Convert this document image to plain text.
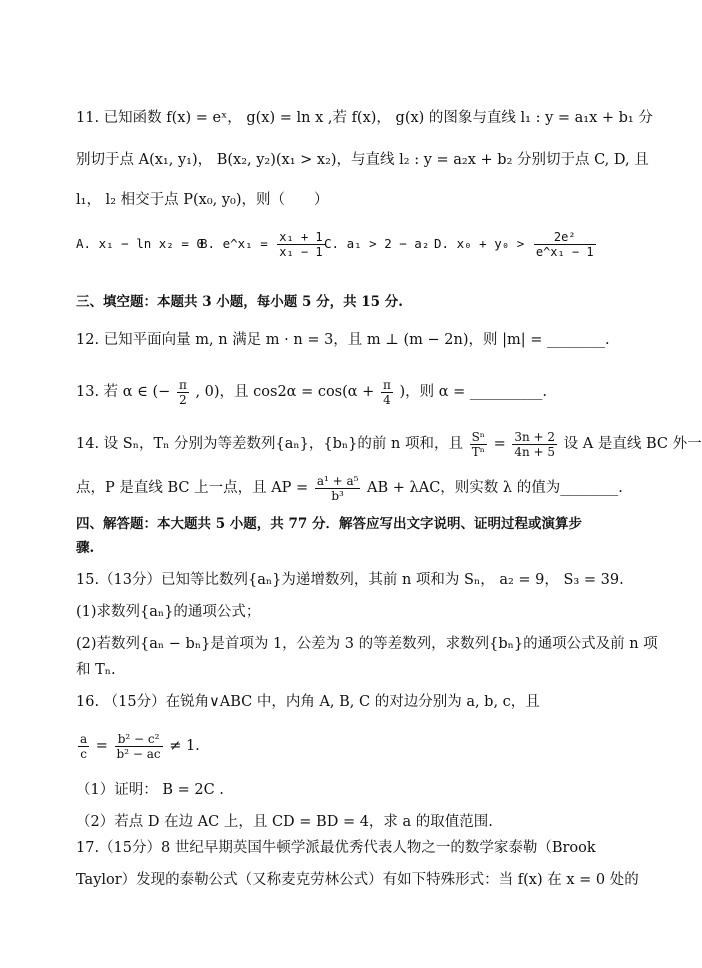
11. 已知函数 f(x) = eˣ， g(x) = ln x ,若 f(x)， g(x) 的图象与直线 l₁ : y = a₁x + b₁ 分
别切于点 A(x₁, y₁)， B(x₂, y₂)(x₁ > x₂)，与直线 l₂ : y = a₂x + b₂ 分别切于点 C, D, 且
l₁， l₂ 相交于点 P(x₀, y₀)，则（　　）
A. x₁ − ln x₂ = 0
B. e^x₁ = $\frac{\text{x₁ + 1}}{\text{x₁ − 1}} C$. a₁ > 2 − a₂ D. $x_0 + y_0 > \frac{\text{2e²}}{\text{e\textasciicircum{}x₁ − 1}}$
三、填空题：本题共 3 小题，每小题 5 分，共 15 分.
12. 已知平面向量 m, n 满足 m · n = 3，且 m ⊥ (m − 2n)，则 |m| = ________.
13. 若 α ∈ (− $\frac{\pi}{2}$ , 0)，且 $\cos 2\alpha = \cos(\alpha + \frac{\pi}{4}$ )，则 α = __________.
14. 设 Sₙ，Tₙ 分别为等差数列{aₙ}，{bₙ}的前 n 项和，且 $\frac{\text{Sⁿ}}{\text{Tⁿ}} = \frac{3n + 2}{4n + 5}$ 设 A 是直线 BC 外一
点，P 是直线 BC 上一点，且 AP = $\frac{\text{a¹ + a⁵}}{\text{b³}}$ AB + λAC，则实数 λ 的值为________.
四、解答题：本大题共 5 小题，共 77 分．解答应写出文字说明、证明过程或演算步
骤.
15.（13分）已知等比数列{aₙ}为递增数列，其前 n 项和为 Sₙ， a₂ = 9， S₃ = 39.
(1)求数列{aₙ}的通项公式；
(2)若数列{aₙ − bₙ}是首项为 1，公差为 3 的等差数列，求数列{bₙ}的通项公式及前 n 项
和 Tₙ.
16. （15分）在锐角∨ABC 中，内角 A, B, C 的对边分别为 a, b, c，且
$\frac{a}{c} = \frac{\text{b² − c²}}{\text{b² − ac}} \ne 1$.
（1）证明： B = 2C .
（2）若点 D 在边 AC 上，且 CD = BD = 4，求 a 的取值范围.
17.（15分）8 世纪早期英国牛顿学派最优秀代表人物之一的数学家泰勒（Brook
Taylor）发现的泰勒公式（又称麦克劳林公式）有如下特殊形式：当 f(x) 在 x = 0 处的
